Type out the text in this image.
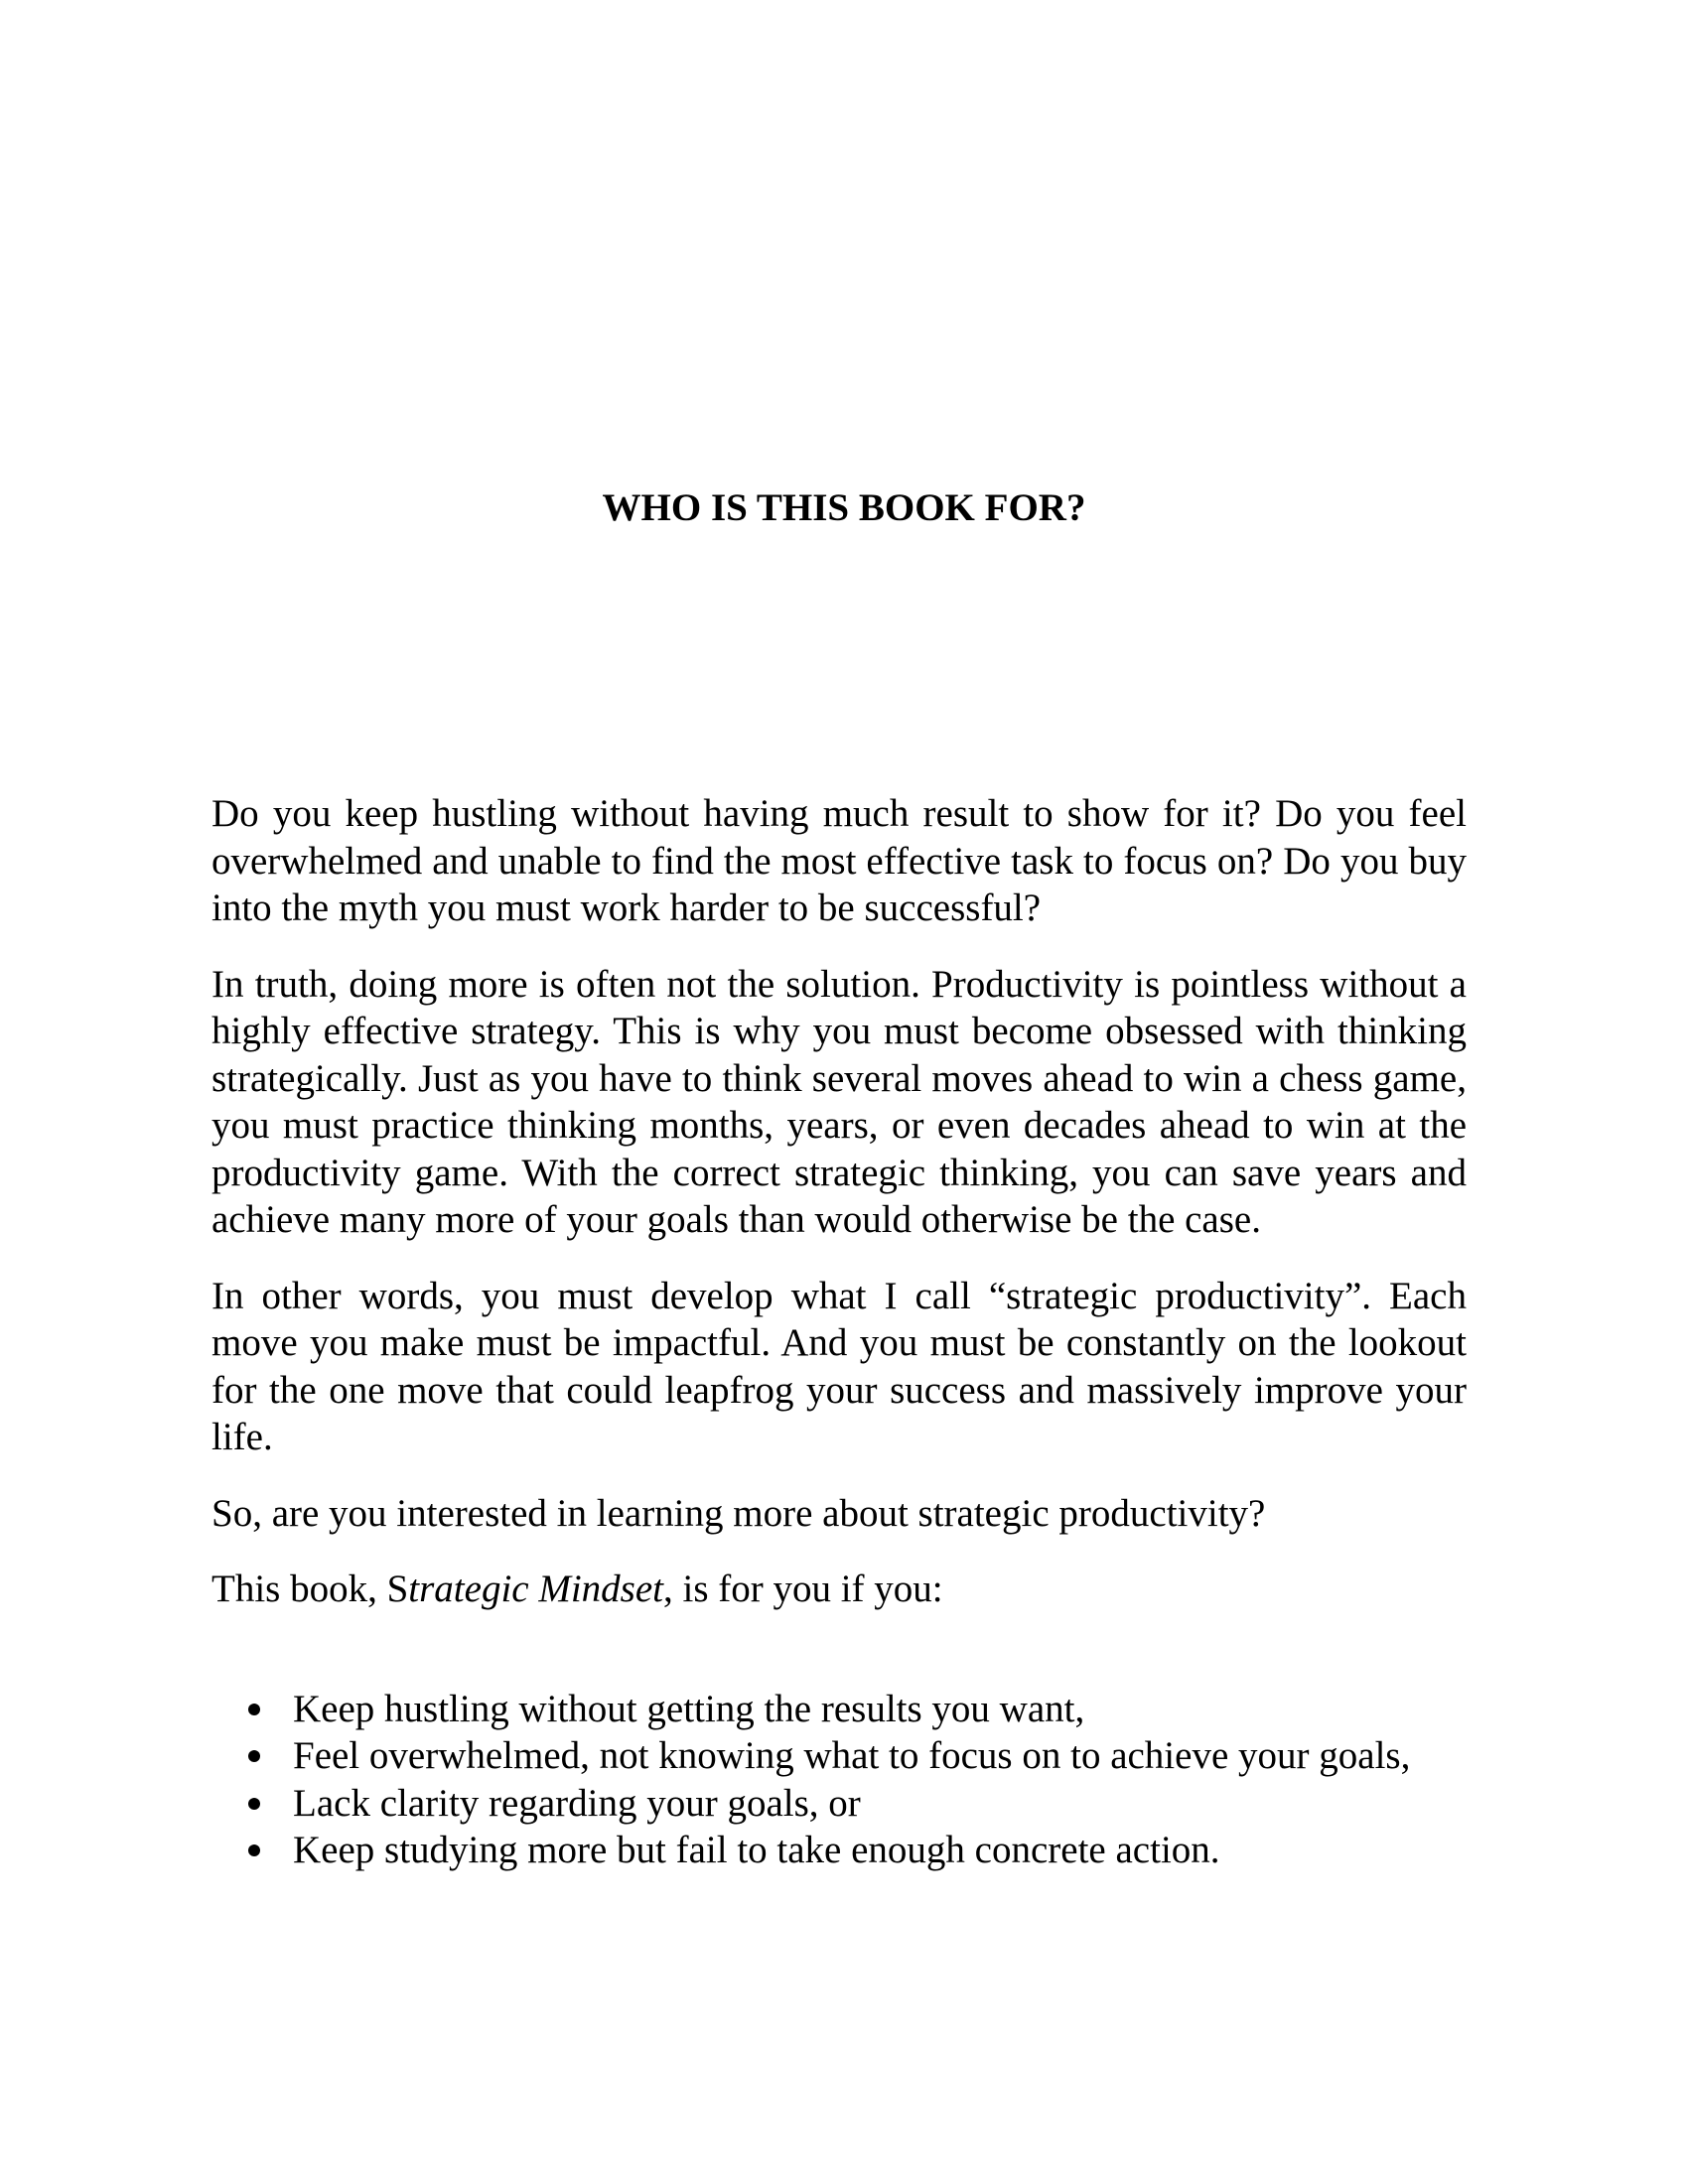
WHO IS THIS BOOK FOR?

Do you keep hustling without having much result to show for it? Do you feel overwhelmed and unable to find the most effective task to focus on? Do you buy into the myth you must work harder to be successful?

In truth, doing more is often not the solution. Productivity is pointless without a highly effective strategy. This is why you must become obsessed with thinking strategically. Just as you have to think several moves ahead to win a chess game, you must practice thinking months, years, or even decades ahead to win at the productivity game. With the correct strategic thinking, you can save years and achieve many more of your goals than would otherwise be the case.

In other words, you must develop what I call “strategic productivity”. Each move you make must be impactful. And you must be constantly on the lookout for the one move that could leapfrog your success and massively improve your life.

So, are you interested in learning more about strategic productivity?

This book, Strategic Mindset, is for you if you:

Keep hustling without getting the results you want,
Feel overwhelmed, not knowing what to focus on to achieve your goals,
Lack clarity regarding your goals, or
Keep studying more but fail to take enough concrete action.
